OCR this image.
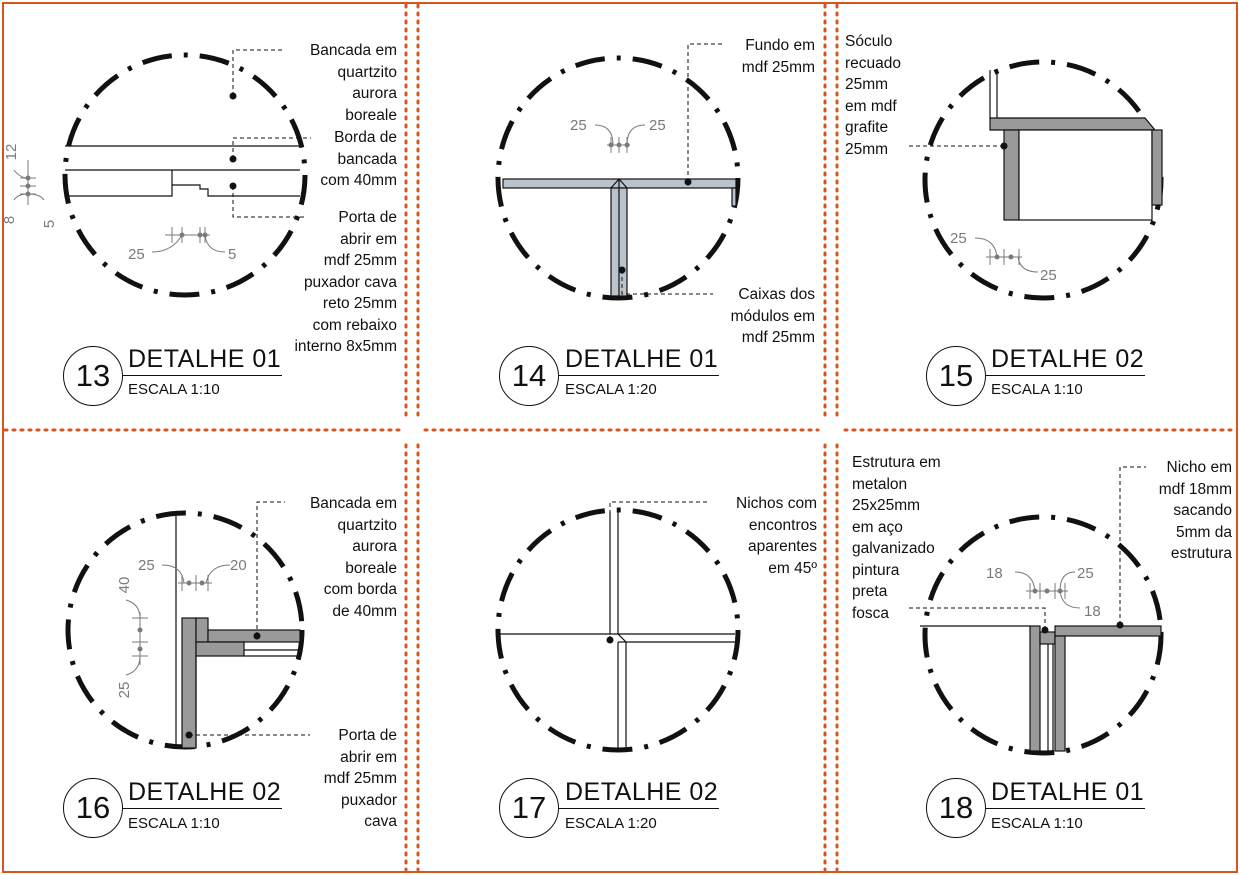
12
8 5
25	5
25	25
25
25
25	20
40
25
18	25
18
Bancada em
quartzito
aurora
boreale
Borda de
bancada
com 40mm
Porta de
abrir em
mdf 25mm
puxador cava
reto 25mm
com rebaixo
interno 8x5mm
Fundo em
mdf 25mm
Caixas dos
módulos em
mdf 25mm
Sóculo
recuado
25mm
em mdf
grafite
25mm
Bancada em
quartzito
aurora
boreale
com borda
de 40mm
Porta de
abrir em
mdf 25mm
puxador
cava
Nichos com
encontros
aparentes
em 45º
Estrutura em
metalon
25x25mm
em aço
galvanizado
pintura
preta
fosca
Nicho em
mdf 18mm
sacando
5mm da
estrutura
13 DETALHE 01
ESCALA 1:10	14 DETALHE 01
ESCALA 1:20	15 DETALHE 02
ESCALA 1:10
16 DETALHE 02
ESCALA 1:10	17 DETALHE 02
ESCALA 1:20	18 DETALHE 01
ESCALA 1:10
